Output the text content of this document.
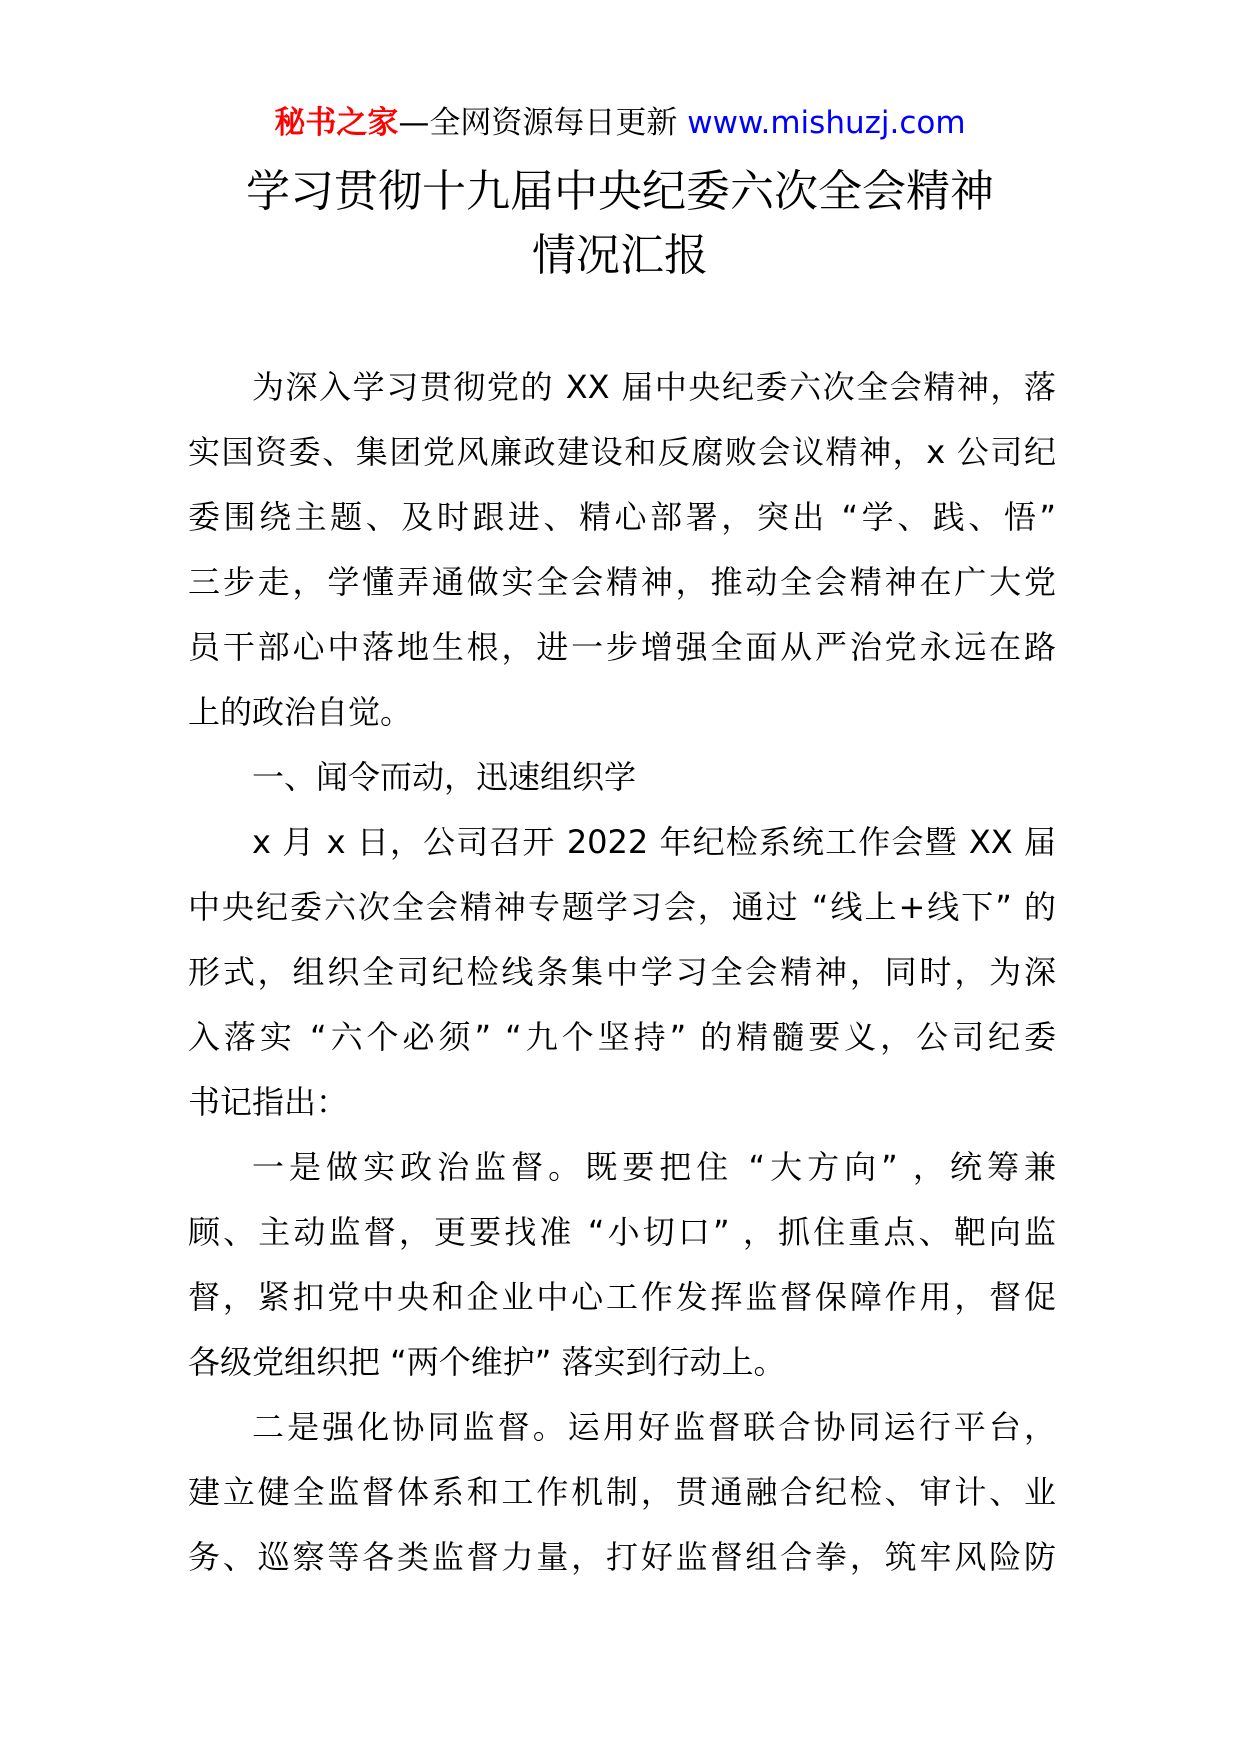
秘书之家—全网资源每日更新 www.mishuzj.com
学习贯彻十九届中央纪委六次全会精神
情况汇报
为深入学习贯彻党的 XX 届中央纪委六次全会精神，落
实国资委、集团党风廉政建设和反腐败会议精神，x 公司纪
委围绕主题、及时跟进、精心部署，突出 “学、践、悟”
三步走，学懂弄通做实全会精神，推动全会精神在广大党
员干部心中落地生根，进一步增强全面从严治党永远在路
上的政治自觉。
一、闻令而动，迅速组织学
x 月 x 日，公司召开 2022 年纪检系统工作会暨 XX 届
中央纪委六次全会精神专题学习会，通过 “线上+线下” 的
形式，组织全司纪检线条集中学习全会精神，同时，为深
入落实 “六个必须” “九个坚持” 的精髓要义，公司纪委
书记指出：
一是做实政治监督。既要把住 “大方向” ，统筹兼
顾、主动监督，更要找准 “小切口” ，抓住重点、靶向监
督，紧扣党中央和企业中心工作发挥监督保障作用，督促
各级党组织把 “两个维护” 落实到行动上。
二是强化协同监督。运用好监督联合协同运行平台，
建立健全监督体系和工作机制，贯通融合纪检、审计、业
务、巡察等各类监督力量，打好监督组合拳，筑牢风险防
